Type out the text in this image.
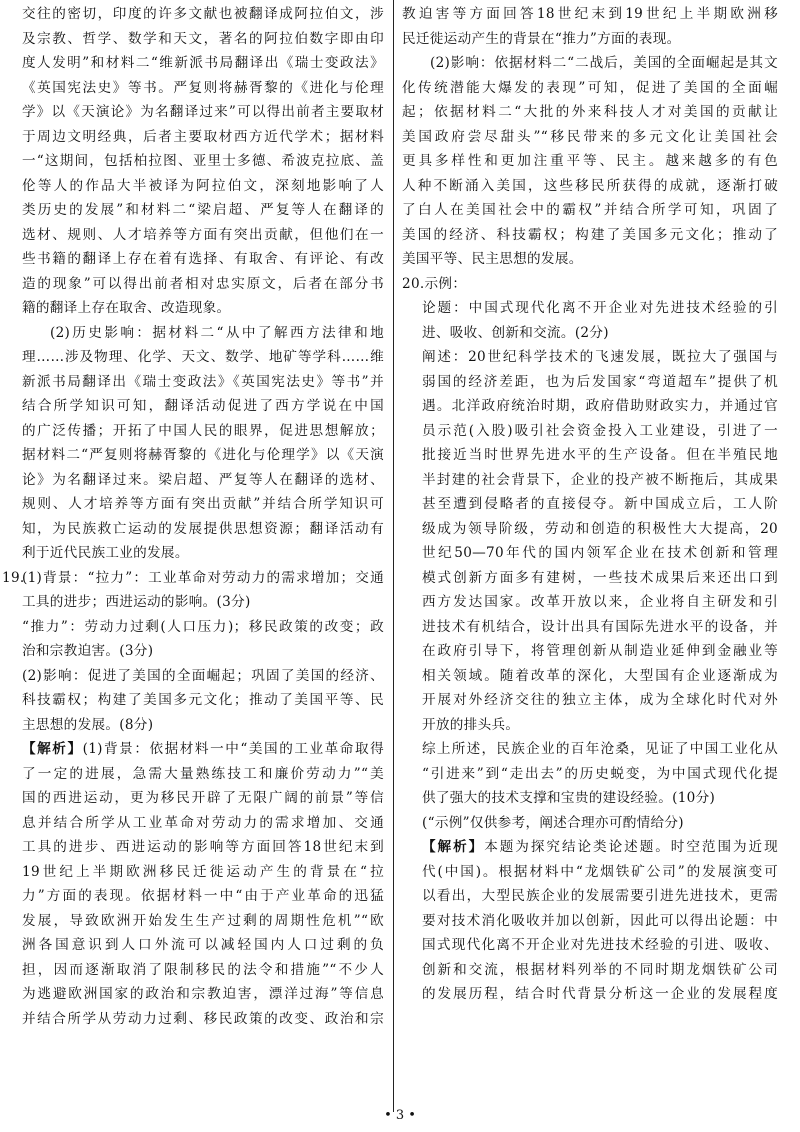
交往的密切，印度的许多文献也被翻译成阿拉伯文，涉
及宗教、哲学、数学和天文，著名的阿拉伯数字即由印
度人发明”和材料二“维新派书局翻译出《瑞士变政法》
《英国宪法史》等书。严复则将赫胥黎的《进化与伦理
学》以《天演论》为名翻译过来”可以得出前者主要取材
于周边文明经典，后者主要取材西方近代学术；据材料
一“这期间，包括柏拉图、亚里士多德、希波克拉底、盖
伦等人的作品大半被译为阿拉伯文，深刻地影响了人
类历史的发展”和材料二“梁启超、严复等人在翻译的
选材、规则、人才培养等方面有突出贡献，但他们在一
些书籍的翻译上存在着有选择、有取舍、有评论、有改
造的现象”可以得出前者相对忠实原文，后者在部分书
籍的翻译上存在取舍、改造现象。
(2)历史影响：据材料二“从中了解西方法律和地
理……涉及物理、化学、天文、数学、地矿等学科……维
新派书局翻译出《瑞士变政法》《英国宪法史》等书”并
结合所学知识可知，翻译活动促进了西方学说在中国
的广泛传播；开拓了中国人民的眼界，促进思想解放；
据材料二“严复则将赫胥黎的《进化与伦理学》以《天演
论》为名翻译过来。梁启超、严复等人在翻译的选材、
规则、人才培养等方面有突出贡献”并结合所学知识可
知，为民族救亡运动的发展提供思想资源；翻译活动有
利于近代民族工业的发展。
19.(1)背景：“拉力”：工业革命对劳动力的需求增加；交通
工具的进步；西进运动的影响。(3分)
“推力”：劳动力过剩(人口压力)；移民政策的改变；政
治和宗教迫害。(3分)
(2)影响：促进了美国的全面崛起；巩固了美国的经济、
科技霸权；构建了美国多元文化；推动了美国平等、民
主思想的发展。(8分)
【解析】(1)背景：依据材料一中“美国的工业革命取得
了一定的进展，急需大量熟练技工和廉价劳动力”“美
国的西进运动，更为移民开辟了无限广阔的前景”等信
息并结合所学从工业革命对劳动力的需求增加、交通
工具的进步、西进运动的影响等方面回答18世纪末到
19世纪上半期欧洲移民迁徙运动产生的背景在“拉
力”方面的表现。依据材料一中“由于产业革命的迅猛
发展，导致欧洲开始发生生产过剩的周期性危机”“欧
洲各国意识到人口外流可以减轻国内人口过剩的负
担，因而逐渐取消了限制移民的法令和措施”“不少人
为逃避欧洲国家的政治和宗教迫害，漂洋过海”等信息
并结合所学从劳动力过剩、移民政策的改变、政治和宗
教迫害等方面回答18世纪末到19世纪上半期欧洲移
民迁徙运动产生的背景在“推力”方面的表现。
(2)影响：依据材料二“二战后，美国的全面崛起是其文
化传统潜能大爆发的表现”可知，促进了美国的全面崛
起；依据材料二“大批的外来科技人才对美国的贡献让
美国政府尝尽甜头”“移民带来的多元文化让美国社会
更具多样性和更加注重平等、民主。越来越多的有色
人种不断涌入美国，这些移民所获得的成就，逐渐打破
了白人在美国社会中的霸权”并结合所学可知，巩固了
美国的经济、科技霸权；构建了美国多元文化；推动了
美国平等、民主思想的发展。
20.示例：
论题：中国式现代化离不开企业对先进技术经验的引
进、吸收、创新和交流。(2分)
阐述：20世纪科学技术的飞速发展，既拉大了强国与
弱国的经济差距，也为后发国家“弯道超车”提供了机
遇。北洋政府统治时期，政府借助财政实力，并通过官
员示范(入股)吸引社会资金投入工业建设，引进了一
批接近当时世界先进水平的生产设备。但在半殖民地
半封建的社会背景下，企业的投产被不断拖后，其成果
甚至遭到侵略者的直接侵夺。新中国成立后，工人阶
级成为领导阶级，劳动和创造的积极性大大提高，20
世纪50—70年代的国内领军企业在技术创新和管理
模式创新方面多有建树，一些技术成果后来还出口到
西方发达国家。改革开放以来，企业将自主研发和引
进技术有机结合，设计出具有国际先进水平的设备，并
在政府引导下，将管理创新从制造业延伸到金融业等
相关领域。随着改革的深化，大型国有企业逐渐成为
开展对外经济交往的独立主体，成为全球化时代对外
开放的排头兵。
综上所述，民族企业的百年沧桑，见证了中国工业化从
“引进来”到“走出去”的历史蜕变，为中国式现代化提
供了强大的技术支撑和宝贵的建设经验。(10分)
(“示例”仅供参考，阐述合理亦可酌情给分)
【解析】本题为探究结论类论述题。时空范围为近现
代(中国)。根据材料中“龙烟铁矿公司”的发展演变可
以看出，大型民族企业的发展需要引进先进技术，更需
要对技术消化吸收并加以创新，因此可以得出论题：中
国式现代化离不开企业对先进技术经验的引进、吸收、
创新和交流，根据材料列举的不同时期龙烟铁矿公司
的发展历程，结合时代背景分析这一企业的发展程度
• 3 •
